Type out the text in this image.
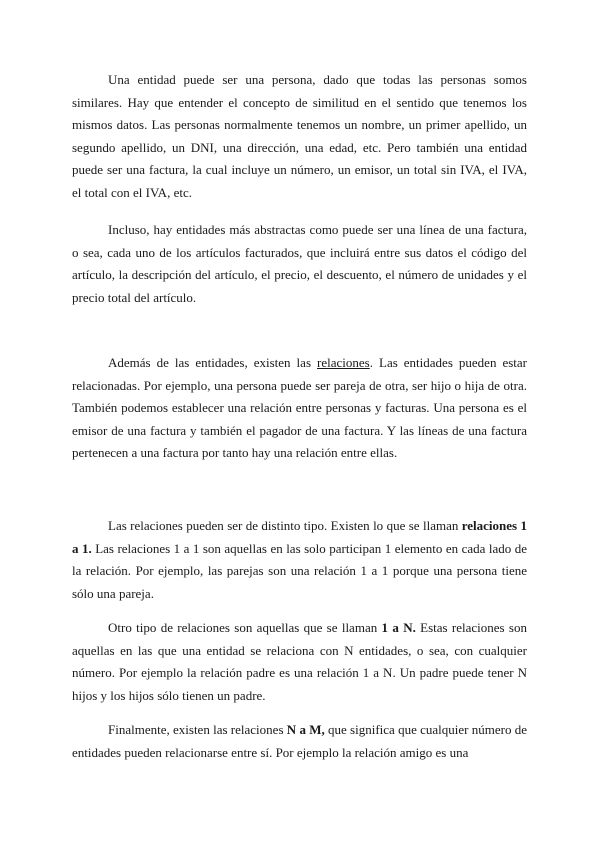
Una entidad puede ser una persona, dado que todas las personas somos similares. Hay que entender el concepto de similitud en el sentido que tenemos los mismos datos. Las personas normalmente tenemos un nombre, un primer apellido, un segundo apellido, un DNI, una dirección, una edad, etc. Pero también una entidad puede ser una factura, la cual incluye un número, un emisor, un total sin IVA, el IVA, el total con el IVA, etc.

Incluso, hay entidades más abstractas como puede ser una línea de una factura, o sea, cada uno de los artículos facturados, que incluirá entre sus datos el código del artículo, la descripción del artículo, el precio, el descuento, el número de unidades y el precio total del artículo.

Además de las entidades, existen las relaciones. Las entidades pueden estar relacionadas. Por ejemplo, una persona puede ser pareja de otra, ser hijo o hija de otra. También podemos establecer una relación entre personas y facturas. Una persona es el emisor de una factura y también el pagador de una factura. Y las líneas de una factura pertenecen a una factura por tanto hay una relación entre ellas.

Las relaciones pueden ser de distinto tipo. Existen lo que se llaman relaciones 1 a 1. Las relaciones 1 a 1 son aquellas en las solo participan 1 elemento en cada lado de la relación. Por ejemplo, las parejas son una relación 1 a 1 porque una persona tiene sólo una pareja.

Otro tipo de relaciones son aquellas que se llaman 1 a N. Estas relaciones son aquellas en las que una entidad se relaciona con N entidades, o sea, con cualquier número. Por ejemplo la relación padre es una relación 1 a N. Un padre puede tener N hijos y los hijos sólo tienen un padre.

Finalmente, existen las relaciones N a M, que significa que cualquier número de entidades pueden relacionarse entre sí. Por ejemplo la relación amigo es una
